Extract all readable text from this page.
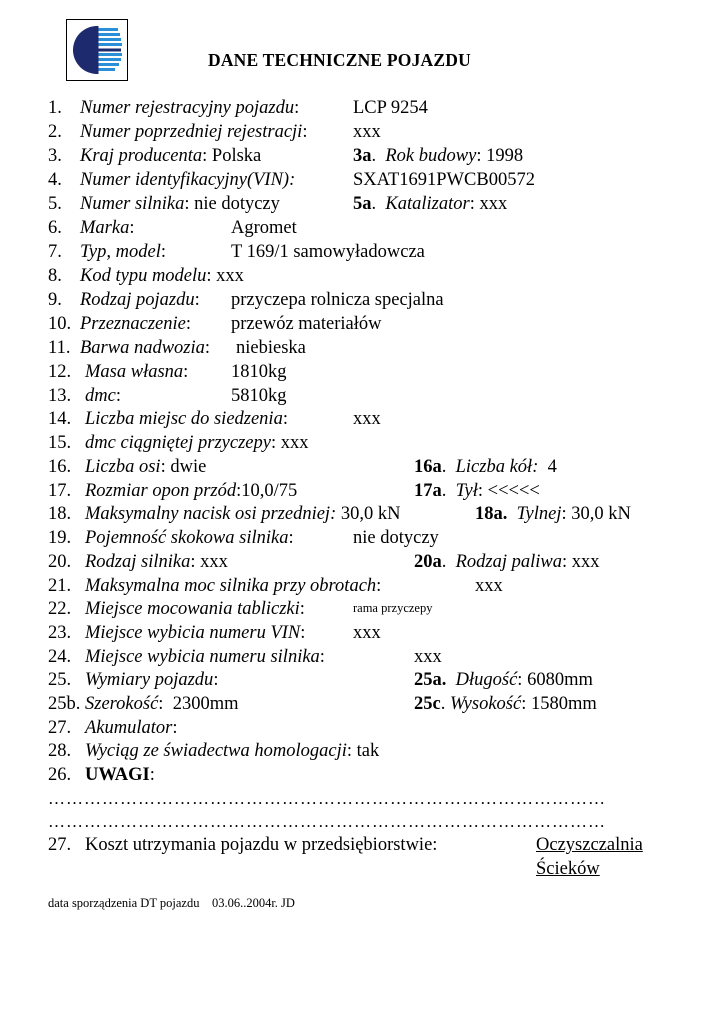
DANE TECHNICZNE POJAZDU
1. Numer rejestracyjny pojazdu:	LCP 9254
2. Numer poprzedniej rejestracji: xxx
3. Kraj producenta: Polska	3a.  Rok budowy: 1998
4. Numer identyfikacyjny(VIN):	SXAT1691PWCB00572
5. Numer silnika: nie dotyczy	5a.  Katalizator: xxx
6. Marka:	Agromet
7. Typ, model:	T 169/1 samowyładowcza
8. Kod typu modelu: xxx
9. Rodzaj pojazdu: przyczepa rolnicza specjalna
10. Przeznaczenie: przewóz materiałów
11. Barwa nadwozia: niebieska
12. Masa własna: 1810kg
13. dmc:	5810kg
14. Liczba miejsc do siedzenia:	xxx
15. dmc ciągniętej przyczepy: xxx
16. Liczba osi: dwie	16a.  Liczba kół: 4
17. Rozmiar opon przód:10,0/75	17a.  Tył: <<<<<
18. Maksymalny nacisk osi przedniej: 30,0 kN	18a. Tylnej: 30,0 kN
19. Pojemność skokowa silnika:	nie dotyczy
20. Rodzaj silnika: xxx	20a.  Rodzaj paliwa: xxx
21. Maksymalna moc silnika przy obrotach:	xxx
22. Miejsce mocowania tabliczki:	rama przyczepy
23. Miejsce wybicia numeru VIN:	xxx
24. Miejsce wybicia numeru silnika:	xxx
25. Wymiary pojazdu:	25a. Długość: 6080mm
25b. Szerokość: 2300mm	25c. Wysokość: 1580mm
27. Akumulator:
28. Wyciąg ze świadectwa homologacji: tak
26. UWAGI:
…………………………………………………………………………………
…………………………………………………………………………………
27. Koszt utrzymania pojazdu w przedsiębiorstwie:	Oczyszczalnia
Ścieków
data sporządzenia DT pojazdu 03.06..2004r. JD
